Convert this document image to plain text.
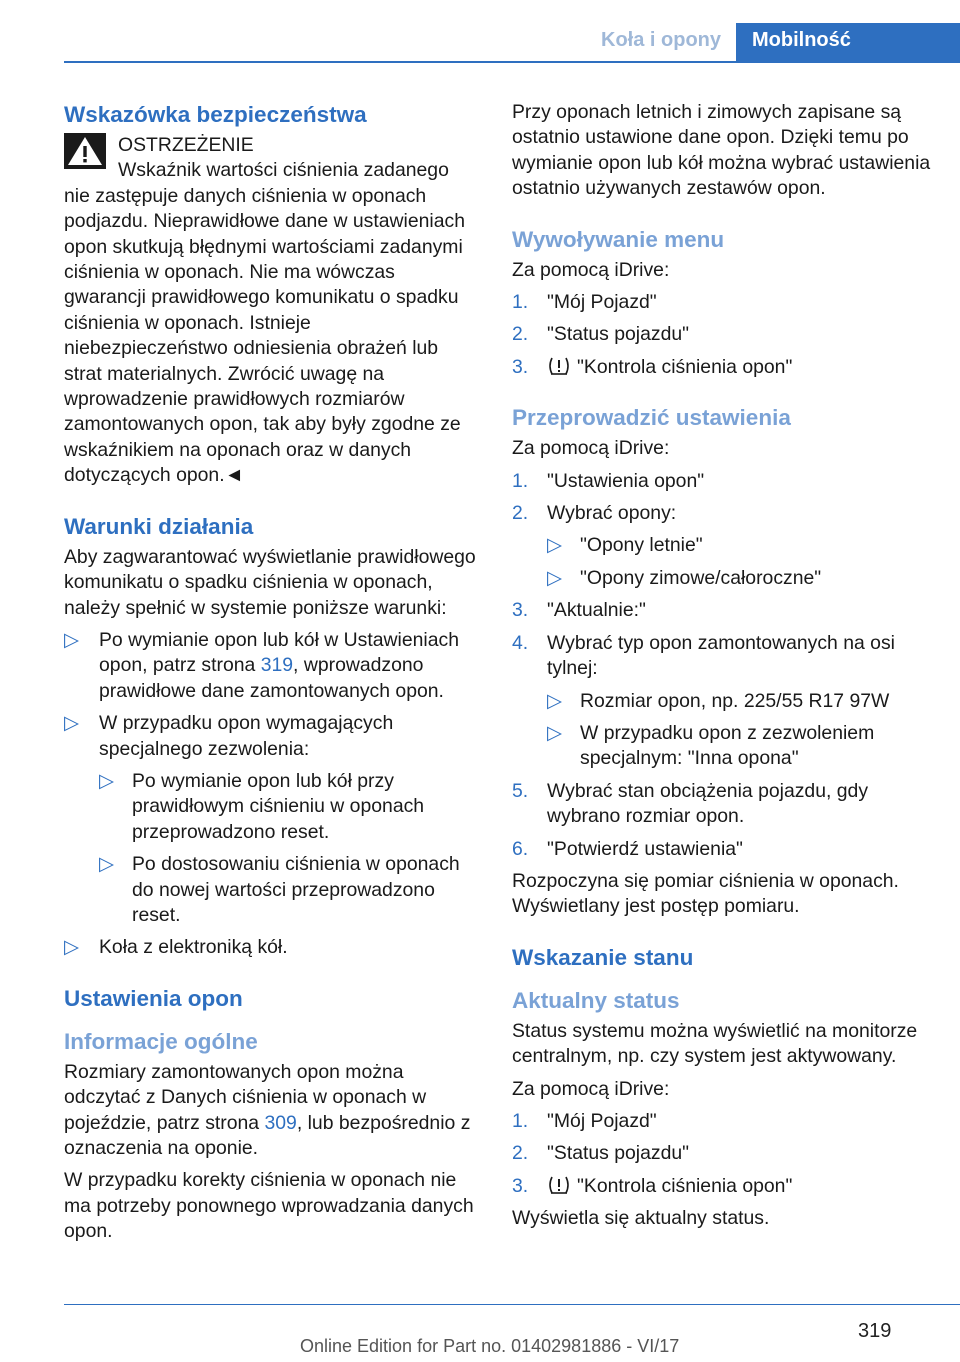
Koła i opony	Mobilność
Wskazówka bezpieczeństwa
OSTRZEŻENIE

Wskaźnik wartości ciśnienia zadanego nie zastępuje danych ciśnienia w oponach podjazdu. Nieprawidłowe dane w ustawieniach opon skutkują błędnymi wartościami zadanymi ciśnienia w oponach. Nie ma wówczas gwarancji prawidłowego komunikatu o spadku ciśnienia w oponach. Istnieje niebezpieczeństwo odniesienia obrażeń lub strat materialnych. Zwrócić uwagę na wprowadzenie prawidłowych rozmiarów zamontowanych opon, tak aby były zgodne ze wskaźnikiem na oponach oraz w danych dotyczących opon.◄

Warunki działania

Aby zagwarantować wyświetlanie prawidłowego komunikatu o spadku ciśnienia w oponach, należy spełnić w systemie poniższe warunki:

▷ Po wymianie opon lub kół w Ustawieniach opon, patrz strona 319, wprowadzono prawidłowe dane zamontowanych opon.
▷ W przypadku opon wymagających specjalnego zezwolenia:
▷ Po wymianie opon lub kół przy prawidłowym ciśnieniu w oponach przeprowadzono reset.
▷ Po dostosowaniu ciśnienia w oponach do nowej wartości przeprowadzono reset.
▷ Koła z elektroniką kół.
Ustawienia opon
Informacje ogólne

Rozmiary zamontowanych opon można odczytać z Danych ciśnienia w oponach w pojeździe, patrz strona 309, lub bezpośrednio z oznaczenia na oponie.

W przypadku korekty ciśnienia w oponach nie ma potrzeby ponownego wprowadzania danych opon.

Przy oponach letnich i zimowych zapisane są ostatnio ustawione dane opon. Dzięki temu po wymianie opon lub kół można wybrać ustawienia ostatnio używanych zestawów opon.

Wywoływanie menu

Za pomocą iDrive:

1. "Mój Pojazd"
2. "Status pojazdu"
3.	"Kontrola ciśnienia opon"
Przeprowadzić ustawienia

Za pomocą iDrive:

1. "Ustawienia opon"
2. Wybrać opony:
▷ "Opony letnie"
▷ "Opony zimowe/całoroczne"
3. "Aktualnie:"
4. Wybrać typ opon zamontowanych na osi tylnej:
▷ Rozmiar opon, np. 225/55 R17 97W
▷ W przypadku opon z zezwoleniem specjalnym: "Inna opona"
5. Wybrać stan obciążenia pojazdu, gdy wybrano rozmiar opon.
6. "Potwierdź ustawienia"

Rozpoczyna się pomiar ciśnienia w oponach. Wyświetlany jest postęp pomiaru.

Wskazanie stanu
Aktualny status

Status systemu można wyświetlić na monitorze centralnym, np. czy system jest aktywowany.

Za pomocą iDrive:

1. "Mój Pojazd"
2. "Status pojazdu"
3.	"Kontrola ciśnienia opon"

Wyświetla się aktualny status.

319
Online Edition for Part no. 01402981886 - VI/17
